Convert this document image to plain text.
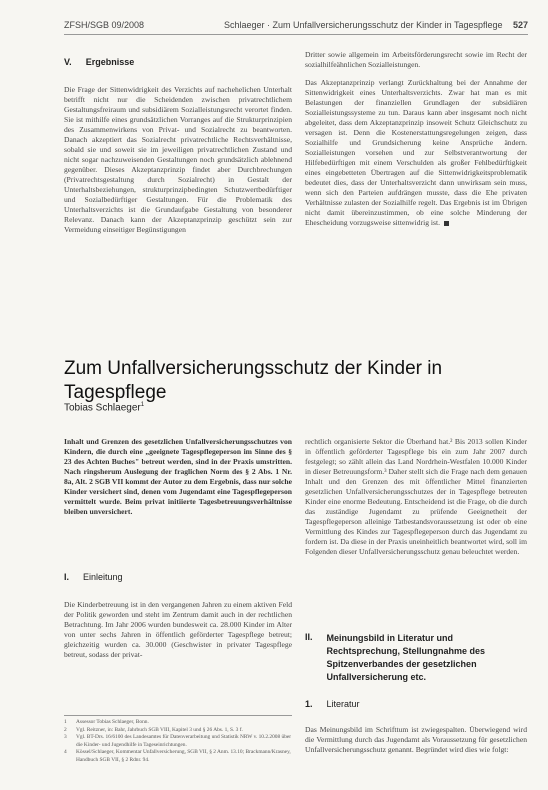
ZFSH/SGB 09/2008	Schlaeger · Zum Unfallversicherungsschutz der Kinder in Tagespflege 527
V. Ergebnisse

Die Frage der Sittenwidrigkeit des Verzichts auf nachehelichen Unterhalt betrifft nicht nur die Scheidenden zwischen privatrechtlichem Gestaltungsfreiraum und subsidiärem Sozialleistungsrecht verortet finden. Sie ist mithilfe eines grundsätzlichen Vorranges auf die Strukturprinzipien des Zusammenwirkens von Privat- und Sozialrecht zu beantworten. Danach akzeptiert das Sozialrecht privatrechtliche Rechtsverhältnisse, sobald sie und soweit sie im jeweiligen privatrechtlichen Zustand und nicht sogar nachzuweisenden Gestaltungen noch grundsätzlich ablehnend gegenüber. Dieses Akzeptanzprinzip findet aber Durchbrechungen (Privatrechtsgestaltung durch Sozialrecht) in Gestalt der Unterhaltsbeziehungen, strukturprinzipbedingten Schutzwertbedürftiger und Sozialbedürftiger Gestaltungen. Für die Problematik des Unterhaltsverzichts ist die Grundaufgabe Gestaltung von besonderer Relevanz. Danach kann der Akzeptanzprinzip geschützt sein zur Vermeidung einseitiger Begünstigungen

Dritter sowie allgemein im Arbeitsförderungsrecht sowie im Recht der sozialhilfeähnlichen Sozialleistungen.

Das Akzeptanzprinzip verlangt Zurückhaltung bei der Annahme der Sittenwidrigkeit eines Unterhaltsverzichts. Zwar hat man es mit Belastungen der finanziellen Grundlagen der subsidiären Sozialleistungssysteme zu tun. Daraus kann aber insgesamt noch nicht abgeleitet, dass dem Akzeptanzprinzip insoweit Schutz Gleichschutz zu versagen ist. Denn die Kostenerstattungsregelungen zeigen, dass Sozialhilfe und Grundsicherung keine Ansprüche ändern. Sozialleistungen vorsehen und zur Selbstverantwortung der Hilfebedürftigen mit einem Verschulden als großer Fehlbedürftigkeit eines eingebetteten Übertragen auf die Sittenwidrigkeitsproblematik bedeutet dies, dass der Unterhaltsverzicht dann unwirksam sein muss, wenn sich den Parteien aufdrängen musste, dass die Ehe privaten Verhältnisse zulasten der Sozialhilfe regelt. Das Ergebnis ist im Übrigen nicht damit übereinzustimmen, ob eine solche Minderung der Ehescheidung vorzugsweise sittenwidrig ist.

Zum Unfallversicherungsschutz der Kinder in Tagespflege
Tobias Schlaeger$^1$

Inhalt und Grenzen des gesetzlichen Unfallversicherungsschutzes von Kindern, die durch eine „geeignete Tagespflegeperson im Sinne des § 23 des Achten Buches" betreut werden, sind in der Praxis umstritten. Nach ringsherum Auslegung der fraglichen Norm des § 2 Abs. 1 Nr. 8a, Alt. 2 SGB VII kommt der Autor zu dem Ergebnis, dass nur solche Kinder versichert sind, denen vom Jugendamt eine Tagespflegeperson vermittelt wurde. Beim privat initiierte Tagesbetreuungsverhältnisse bleiben unversichert.

I. Einleitung

Die Kinderbetreuung ist in den vergangenen Jahren zu einem aktiven Feld der Politik geworden und steht im Zentrum damit auch in der rechtlichen Betrachtung. Im Jahr 2006 wurden bundesweit ca. 28.000 Kinder im Alter von unter sechs Jahren in öffentlich geförderter Tagespflege betreut; gleichzeitig wurden ca. 30.000 (Geschwister in privater Tagespflege betreut, sodass der privat-

rechtlich organisierte Sektor die Überhand hat.² Bis 2013 sollen Kinder in öffentlich geförderter Tagespflege bis ein zum Jahr 2007 durch festgelegt; so zählt allein das Land Nordrhein-Westfalen 10.000 Kinder in dieser Betreuungsform.³ Daher stellt sich die Frage nach dem genauen Inhalt und den Grenzen des mit öffentlicher Mittel finanzierten gesetzlichen Unfallversicherungsschutzes der in Tagespflege betreuten Kinder eine enorme Bedeutung. Entscheidend ist die Frage, ob die durch das zuständige Jugendamt zu prüfende Geeignetheit der Tagespflegeperson alleinige Tatbestandsvoraussetzung ist oder ob eine Vermittlung des Kindes zur Tagespflegeperson durch das Jugendamt zu fordern ist. Da diese in der Praxis uneinheitlich beantwortet wird, soll im Folgenden dieser Unfallversicherungsschutz genau beleuchtet werden.

II. Meinungsbild in Literatur und Rechtsprechung, Stellungnahme des Spitzenverbandes der gesetzlichen Unfallversicherung etc.
1. Literatur

Das Meinungsbild im Schrifttum ist zwiegespalten. Überwiegend wird die Vermittlung durch das Jugendamt als Voraussetzung für gesetzlichen Unfallversicherungsschutz genannt. Begründet wird dies wie folgt:

1	Assessor Tobias Schlaeger, Bonn.
2	Vgl. Reitzner, in: Bahr, Jahrbuch SGB VIII, Kapitel 3 und § 26 Abs. 1, S. 3 f.
3	Vgl. BT-Drs. 16/6100 des Landesamtes für Datenverarbeitung und Statistik NRW v. 10.2.2008 über die Kinder- und Jugendhilfe in Tageseinrichtungen.
4	Kössel/Schlaeger, Kommentar Unfallversicherung, SGB VII, § 2 Anm. 13.10; Brackmann/Krasney, Handbuch SGB VII, § 2 Rdnr. 94.
